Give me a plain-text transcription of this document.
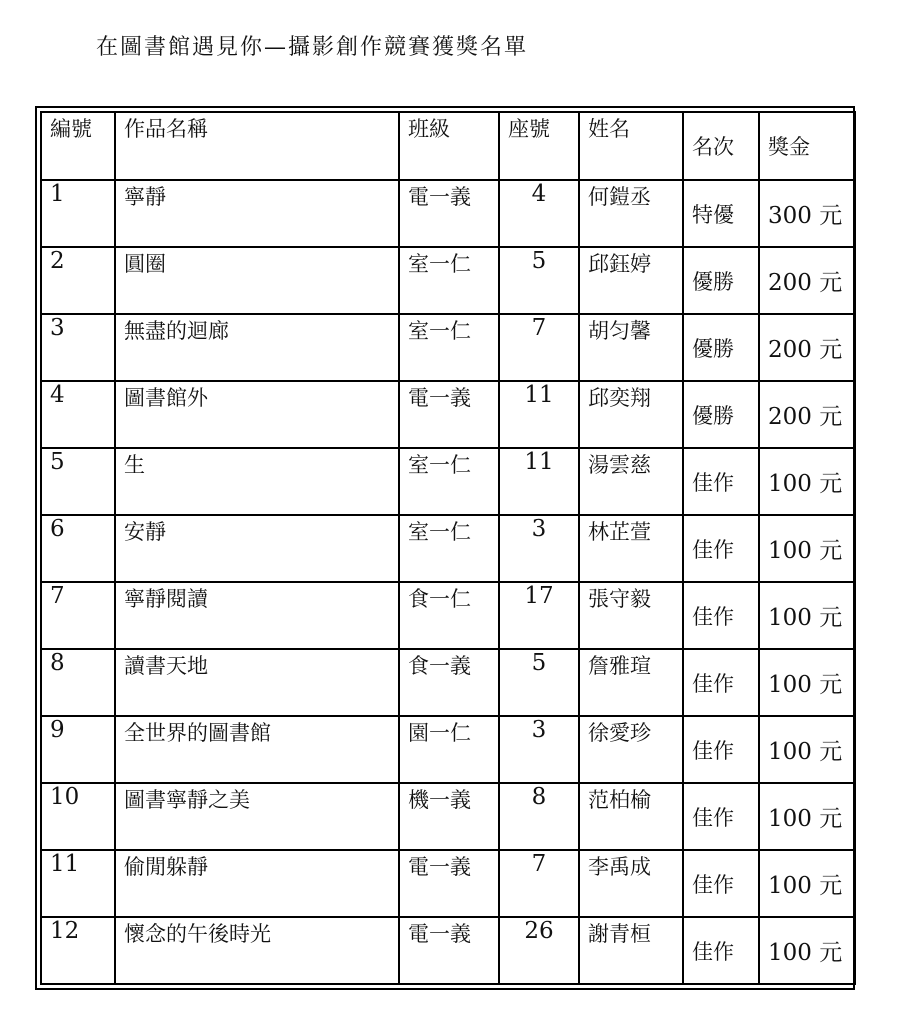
在圖書館遇見你—攝影創作競賽獲獎名單
編號	作品名稱	班級	座號	姓名	名次	獎金
1	寧靜	電一義	4	何鎧丞	特優	300 元
2	圓圈	室一仁	5	邱鈺婷	優勝	200 元
3	無盡的迴廊	室一仁	7	胡匀馨	優勝	200 元
4	圖書館外	電一義	11	邱奕翔	優勝	200 元
5	生	室一仁	11	湯雲慈	佳作	100 元
6	安靜	室一仁	3	林芷萱	佳作	100 元
7	寧靜閱讀	食一仁	17	張守毅	佳作	100 元
8	讀書天地	食一義	5	詹雅瑄	佳作	100 元
9	全世界的圖書館	園一仁	3	徐愛珍	佳作	100 元
10	圖書寧靜之美	機一義	8	范柏榆	佳作	100 元
11	偷閒躲靜	電一義	7	李禹成	佳作	100 元
12	懷念的午後時光	電一義	26	謝青桓	佳作	100 元
